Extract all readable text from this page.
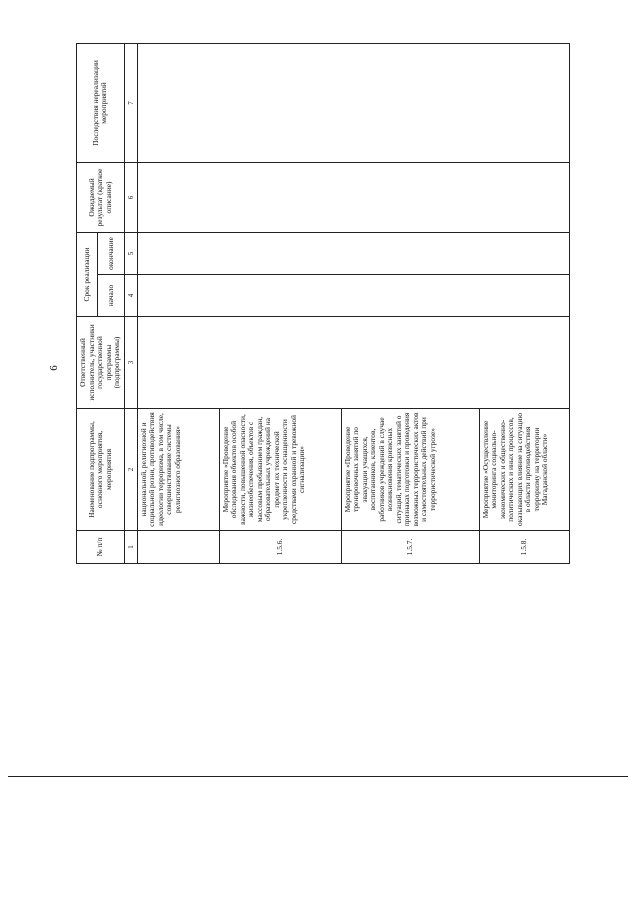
6
№ п/п	Наименование подпрограммы, основного мероприятия, мероприятия	Ответственный исполнитель, участники государственной программы (подпрограммы)	Срок реализации		Ожидаемый результат (краткое описание)	Последствия нереализации мероприятий
			начало	окончание		
1	2	3	4	5	6	7
	национальной, религиозной и социальной розни, противодействия идеологии терроризма, в том числе, совершенствование системы религиозного образования»					
1.5.6.	Мероприятие «Проведение обследования объектов особой важности, повышенной опасности, жизнеобеспечения, объектов с массовым пребыванием граждан, образовательных учреждений на предмет их технической укрепленности и оснащенности средствами охранной и тревожной сигнализации»					
1.5.7.	Мероприятие «Проведение тренировочных занятий по эвакуации учащихся, воспитанников, клиентов, работников учреждений в случае возникновения кризисных ситуаций, тематических занятий о признаках подготовки и проведения возможных террористических актов и самостоятельных действий при террористической угрозе»					
1.5.8.	Мероприятие «Осуществление мониторинга социально-экономических и общественно-политических и иных процессов, оказывающих влияние на ситуацию в области противодействия терроризму на территории Магаданской области»					
